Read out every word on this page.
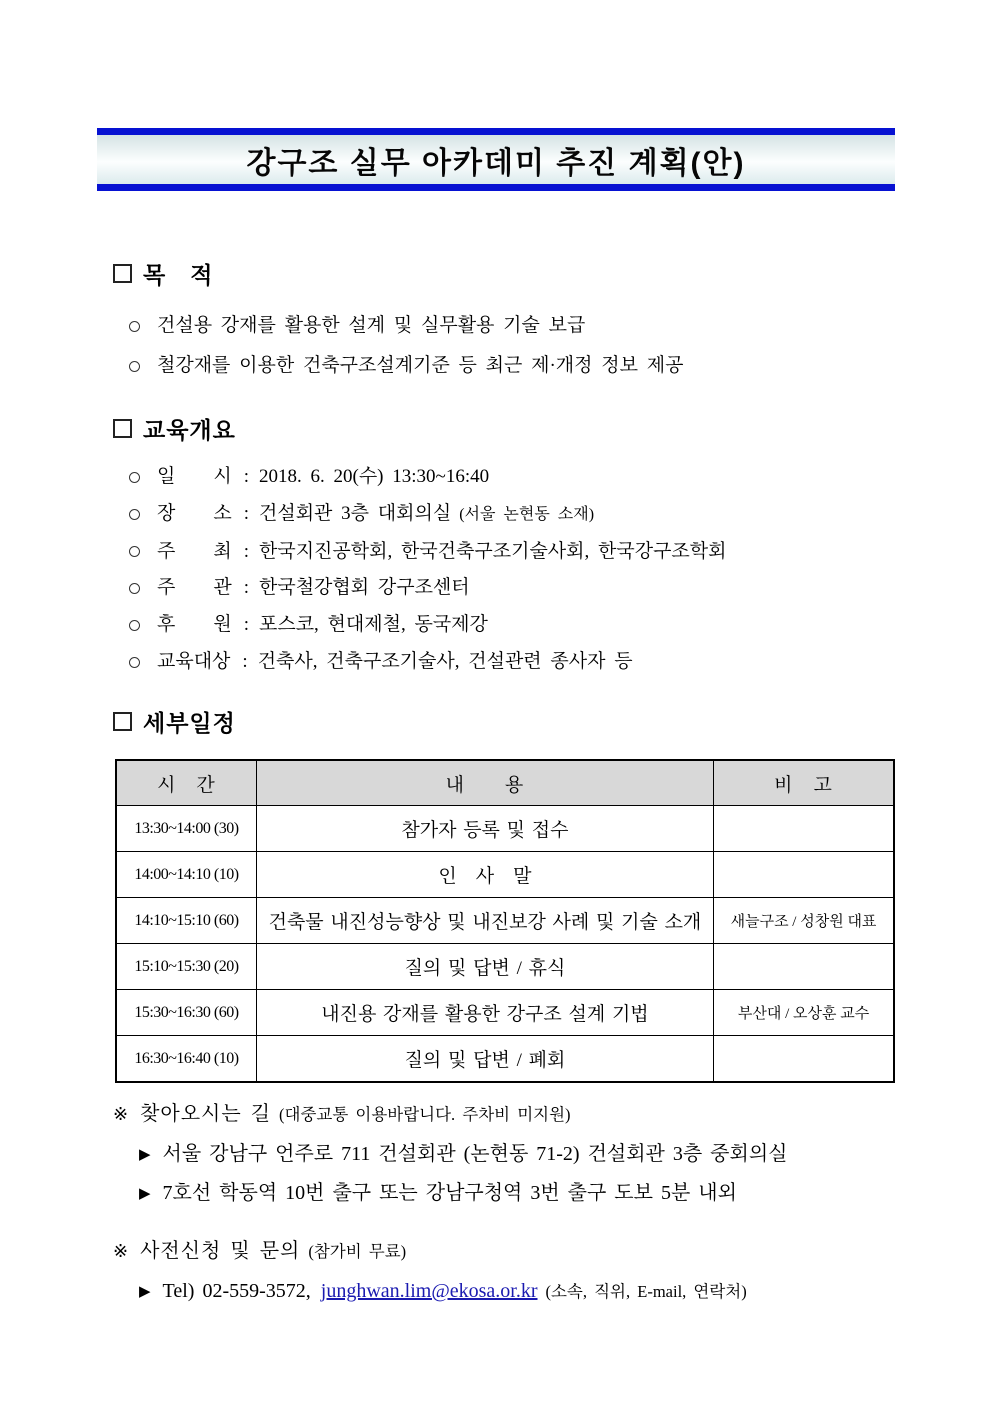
강구조 실무 아카데미 추진 계획(안)
목　적
건설용 강재를 활용한 설계 및 실무활용 기술 보급
철강재를 이용한 건축구조설계기준 등 최근 제·개정 정보 제공
교육개요
일　　시 : 2018. 6. 20(수) 13:30~16:40
장　　소 : 건설회관 3층 대회의실 (서울 논현동 소재)
주　　최 : 한국지진공학회, 한국건축구조기술사회, 한국강구조학회
주　　관 : 한국철강협회 강구조센터
후　　원 : 포스코, 현대제철, 동국제강
교육대상 : 건축사, 건축구조기술사, 건설관련 종사자 등
세부일정
시　간	내　　용	비　고
13:30~14:00 (30)	참가자 등록 및 접수	
14:00~14:10 (10)	인　사　말	
14:10~15:10 (60)	건축물 내진성능향상 및 내진보강 사례 및 기술 소개	새늘구조 / 성창원 대표
15:10~15:30 (20)	질의 및 답변 / 휴식	
15:30~16:30 (60)	내진용 강재를 활용한 강구조 설계 기법	부산대 / 오상훈 교수
16:30~16:40 (10)	질의 및 답변 / 폐회	
※ 찾아오시는 길 (대중교통 이용바랍니다. 주차비 미지원)
▶ 서울 강남구 언주로 711 건설회관 (논현동 71-2) 건설회관 3층 중회의실
▶ 7호선 학동역 10번 출구 또는 강남구청역 3번 출구 도보 5분 내외
※ 사전신청 및 문의 (참가비 무료)
▶ Tel) 02-559-3572, junghwan.lim@ekosa.or.kr (소속, 직위, E-mail, 연락처)
